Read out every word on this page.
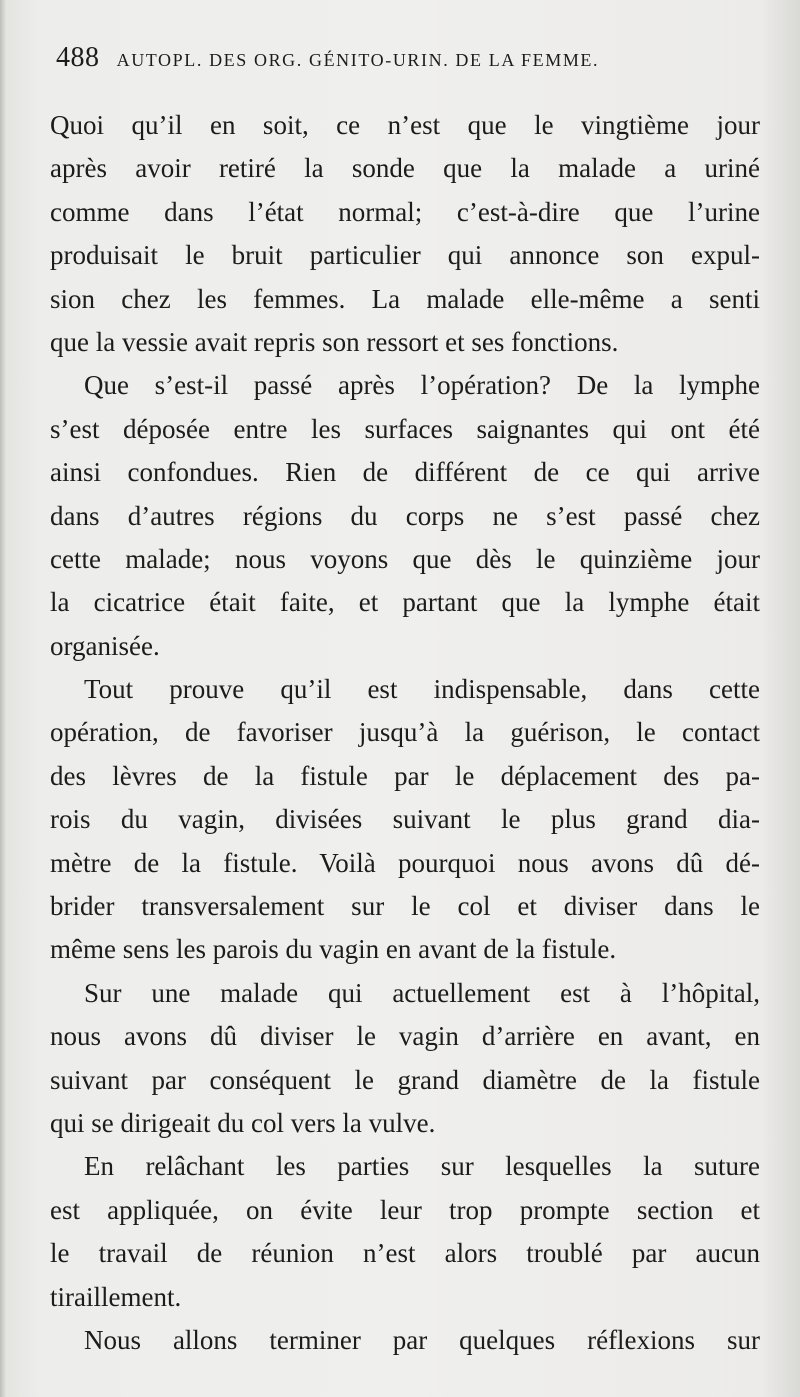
488 AUTOPL. DES ORG. GÉNITO-URIN. DE LA FEMME.
Quoi qu’il en soit, ce n’est que le vingtième jour
après avoir retiré la sonde que la malade a uriné
comme dans l’état normal; c’est-à-dire que l’urine
produisait le bruit particulier qui annonce son expul-
sion chez les femmes. La malade elle-même a senti
que la vessie avait repris son ressort et ses fonctions.
Que s’est-il passé après l’opération? De la lymphe
s’est déposée entre les surfaces saignantes qui ont été
ainsi confondues. Rien de différent de ce qui arrive
dans d’autres régions du corps ne s’est passé chez
cette malade; nous voyons que dès le quinzième jour
la cicatrice était faite, et partant que la lymphe était
organisée.
Tout prouve qu’il est indispensable, dans cette
opération, de favoriser jusqu’à la guérison, le contact
des lèvres de la fistule par le déplacement des pa-
rois du vagin, divisées suivant le plus grand dia-
mètre de la fistule. Voilà pourquoi nous avons dû dé-
brider transversalement sur le col et diviser dans le
même sens les parois du vagin en avant de la fistule.
Sur une malade qui actuellement est à l’hôpital,
nous avons dû diviser le vagin d’arrière en avant, en
suivant par conséquent le grand diamètre de la fistule
qui se dirigeait du col vers la vulve.
En relâchant les parties sur lesquelles la suture
est appliquée, on évite leur trop prompte section et
le travail de réunion n’est alors troublé par aucun
tiraillement.
Nous allons terminer par quelques réflexions sur
